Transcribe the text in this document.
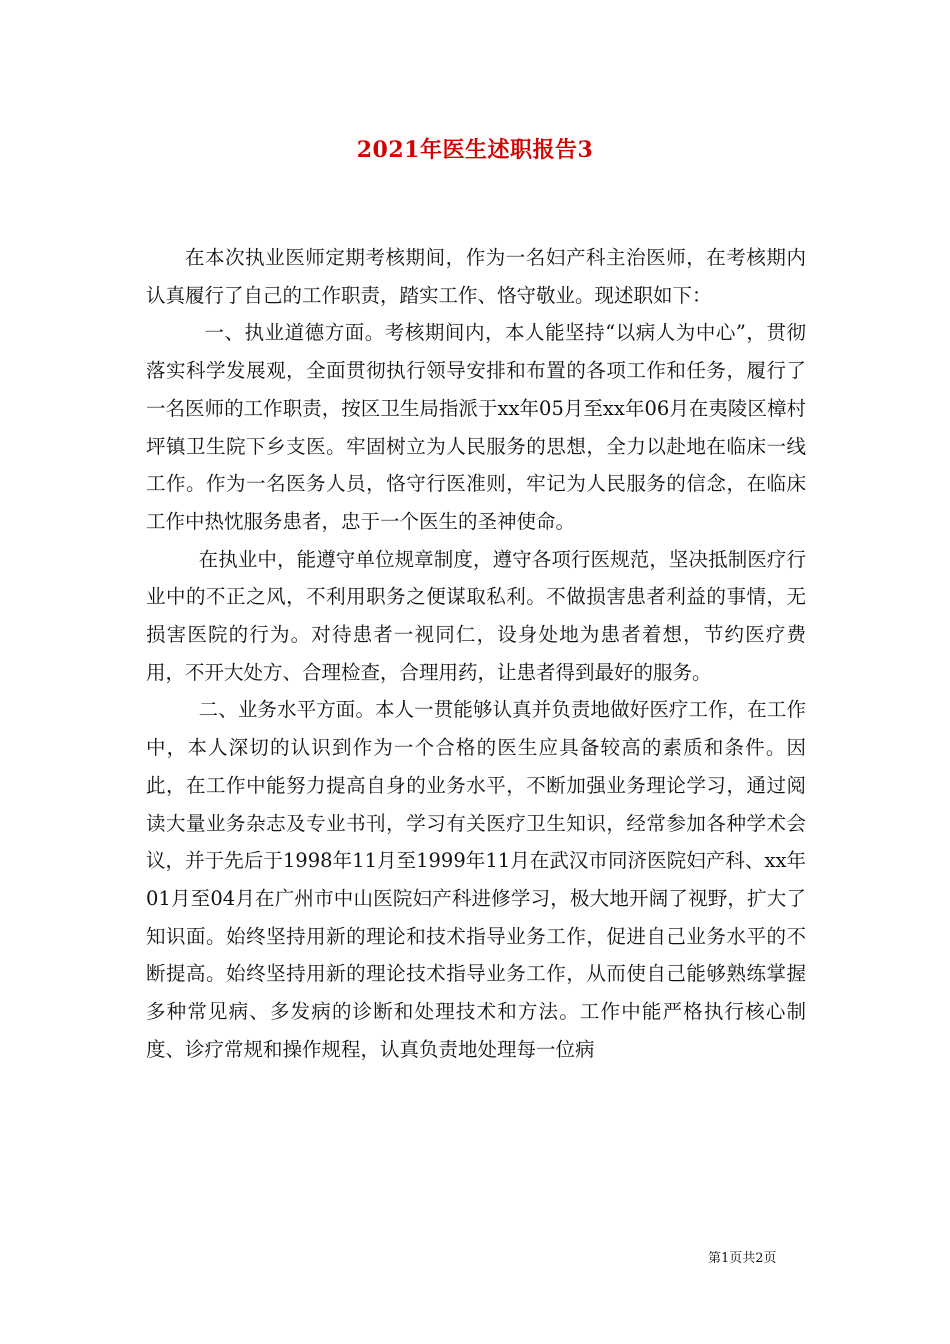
2021年医生述职报告3

在本次执业医师定期考核期间，作为一名妇产科主治医师，在考核期内认真履行了自己的工作职责，踏实工作、恪守敬业。现述职如下：

一、执业道德方面。考核期间内，本人能坚持“以病人为中心”，贯彻落实科学发展观，全面贯彻执行领导安排和布置的各项工作和任务，履行了一名医师的工作职责，按区卫生局指派于xx年05月至xx年06月在夷陵区樟村坪镇卫生院下乡支医。牢固树立为人民服务的思想，全力以赴地在临床一线工作。作为一名医务人员，恪守行医准则，牢记为人民服务的信念，在临床工作中热忱服务患者，忠于一个医生的圣神使命。

在执业中，能遵守单位规章制度，遵守各项行医规范，坚决抵制医疗行业中的不正之风，不利用职务之便谋取私利。不做损害患者利益的事情，无损害医院的行为。对待患者一视同仁，设身处地为患者着想，节约医疗费用，不开大处方、合理检查，合理用药，让患者得到最好的服务。

二、业务水平方面。本人一贯能够认真并负责地做好医疗工作，在工作中，本人深切的认识到作为一个合格的医生应具备较高的素质和条件。因此，在工作中能努力提高自身的业务水平，不断加强业务理论学习，通过阅读大量业务杂志及专业书刊，学习有关医疗卫生知识，经常参加各种学术会议，并于先后于1998年11月至1999年11月在武汉市同济医院妇产科、xx年01月至04月在广州市中山医院妇产科进修学习，极大地开阔了视野，扩大了知识面。始终坚持用新的理论和技术指导业务工作，促进自己业务水平的不断提高。始终坚持用新的理论技术指导业务工作，从而使自己能够熟练掌握多种常见病、多发病的诊断和处理技术和方法。工作中能严格执行核心制度、诊疗常规和操作规程，认真负责地处理每一位病

第1页共2页
